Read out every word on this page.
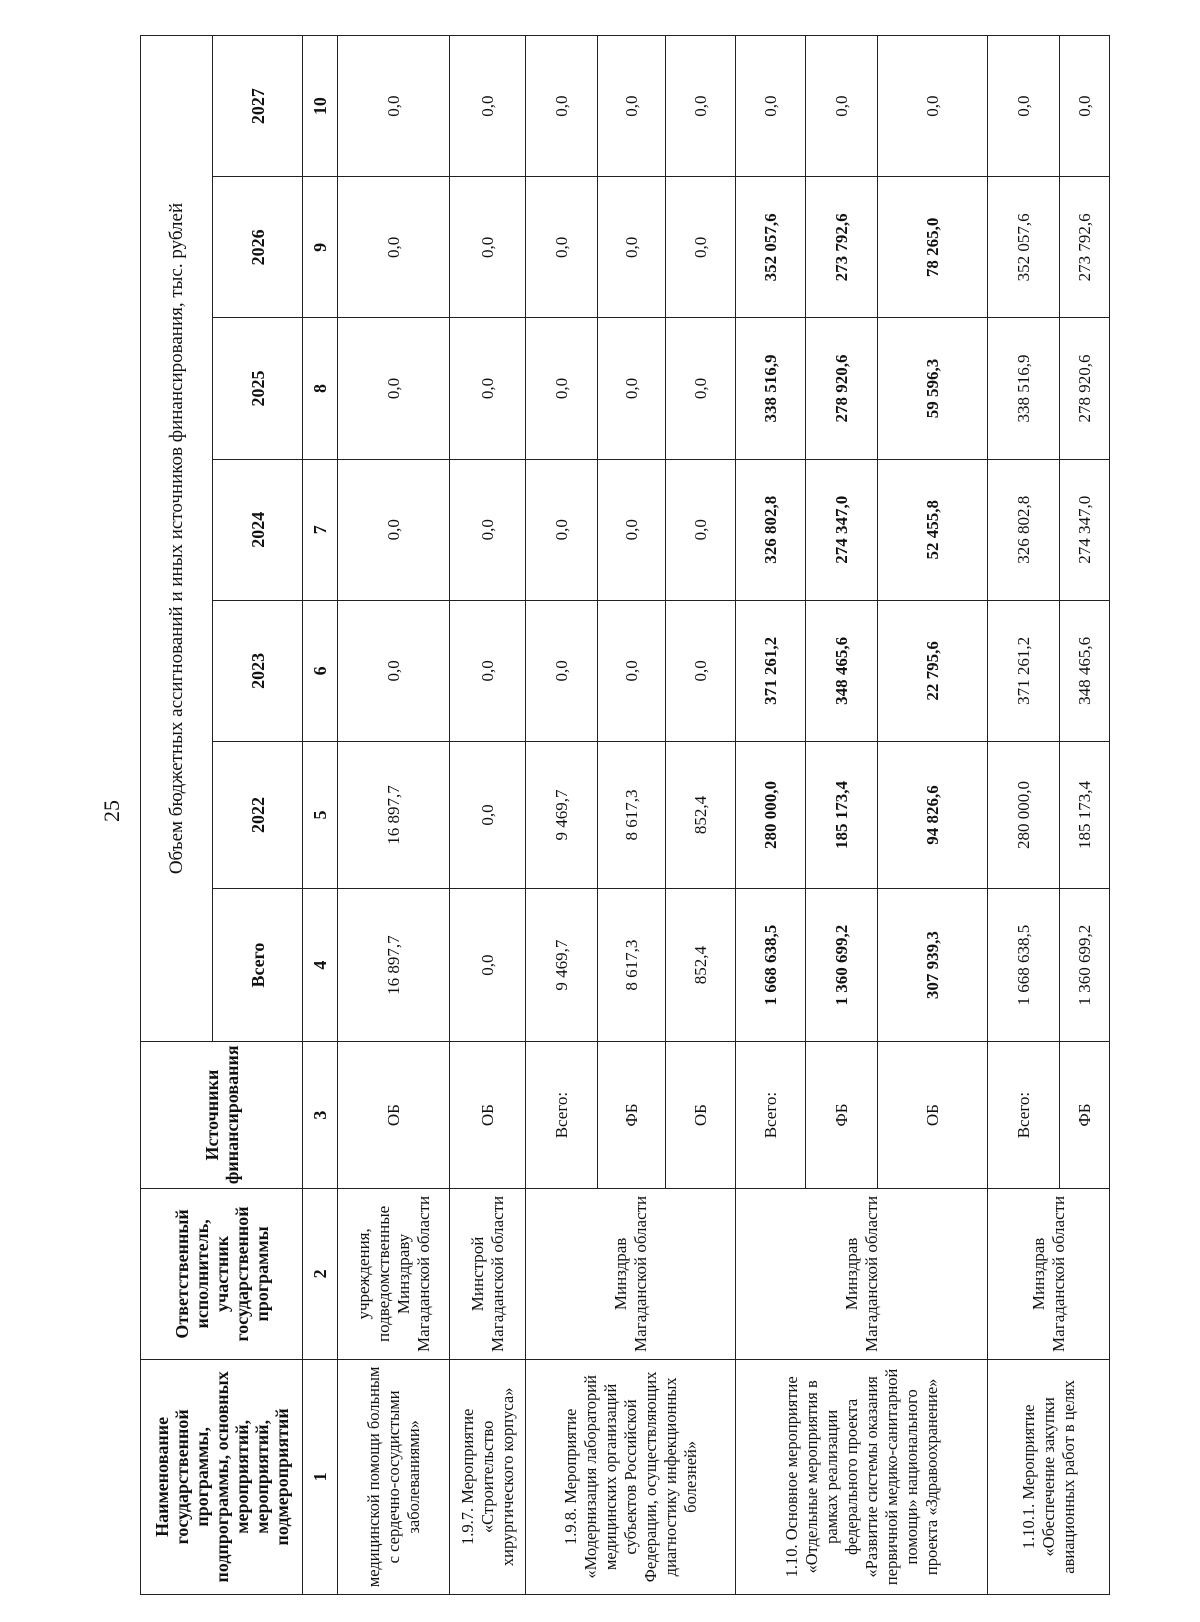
25
Наименование государственной программы, подпрограммы, основных мероприятий, мероприятий, подмероприятий	Ответственный исполнитель, участник государственной программы	Источники финансирования	Объем бюджетных ассигнований и иных источников финансирования, тыс. рублей						
			Всего	2022	2023	2024	2025	2026	2027
1	2	3	4	5	6	7	8	9	10
медицинской помощи больным с сердечно-сосудистыми заболеваниями»	учреждения, подведомственные Минздраву Магаданской области	ОБ	16 897,7	16 897,7	0,0	0,0	0,0	0,0	0,0
1.9.7. Мероприятие «Строительство хирургического корпуса»	Минстрой Магаданской области	ОБ	0,0	0,0	0,0	0,0	0,0	0,0	0,0
1.9.8. Мероприятие «Модернизация лабораторий медицинских организаций субъектов Российской Федерации, осуществляющих диагностику инфекционных болезней»	Минздрав Магаданской области	Всего:	9 469,7	9 469,7	0,0	0,0	0,0	0,0	0,0
		ФБ	8 617,3	8 617,3	0,0	0,0	0,0	0,0	0,0
		ОБ	852,4	852,4	0,0	0,0	0,0	0,0	0,0
1.10. Основное мероприятие «Отдельные мероприятия в рамках реализации федерального проекта «Развитие системы оказания первичной медико-санитарной помощи» национального проекта «Здравоохранение»	Минздрав Магаданской области	Всего:	1 668 638,5	280 000,0	371 261,2	326 802,8	338 516,9	352 057,6	0,0
		ФБ	1 360 699,2	185 173,4	348 465,6	274 347,0	278 920,6	273 792,6	0,0
		ОБ	307 939,3	94 826,6	22 795,6	52 455,8	59 596,3	78 265,0	0,0
1.10.1. Мероприятие «Обеспечение закупки авиационных работ в целях	Минздрав Магаданской области	Всего:	1 668 638,5	280 000,0	371 261,2	326 802,8	338 516,9	352 057,6	0,0
		ФБ	1 360 699,2	185 173,4	348 465,6	274 347,0	278 920,6	273 792,6	0,0
